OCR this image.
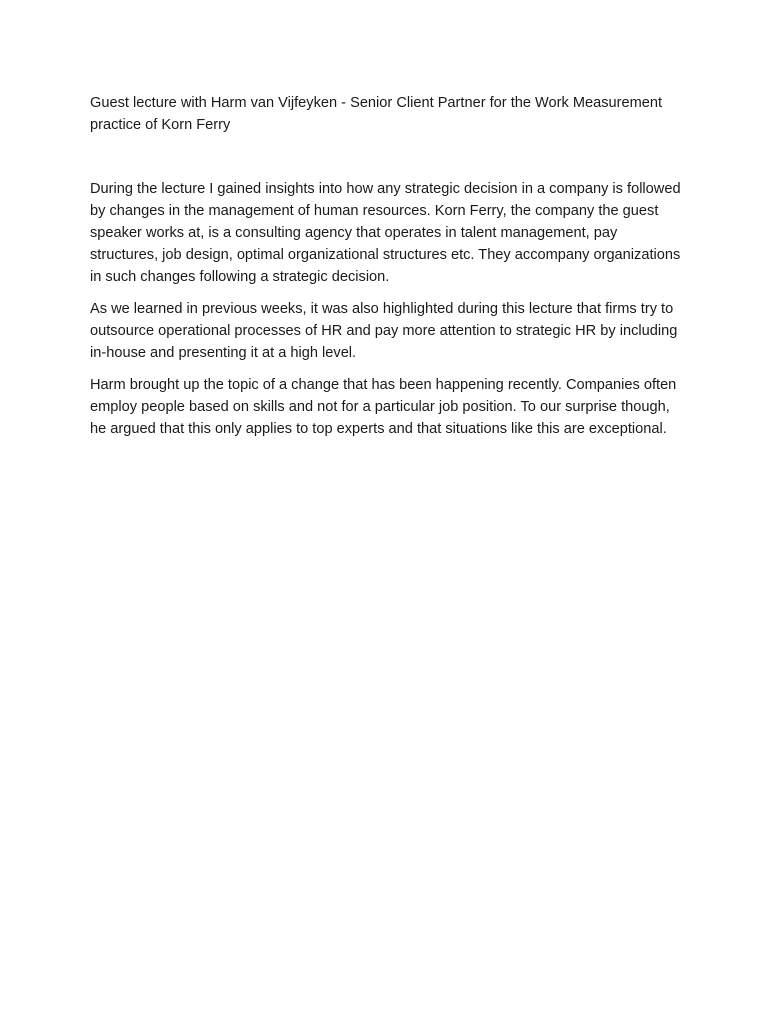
Guest lecture with Harm van Vijfeyken - Senior Client Partner for the Work Measurement practice of Korn Ferry

During the lecture I gained insights into how any strategic decision in a company is followed by changes in the management of human resources. Korn Ferry, the company the guest speaker works at, is a consulting agency that operates in talent management, pay structures, job design, optimal organizational structures etc. They accompany organizations in such changes following a strategic decision.

As we learned in previous weeks, it was also highlighted during this lecture that firms try to outsource operational processes of HR and pay more attention to strategic HR by including in-house and presenting it at a high level.

Harm brought up the topic of a change that has been happening recently. Companies often employ people based on skills and not for a particular job position. To our surprise though, he argued that this only applies to top experts and that situations like this are exceptional.
